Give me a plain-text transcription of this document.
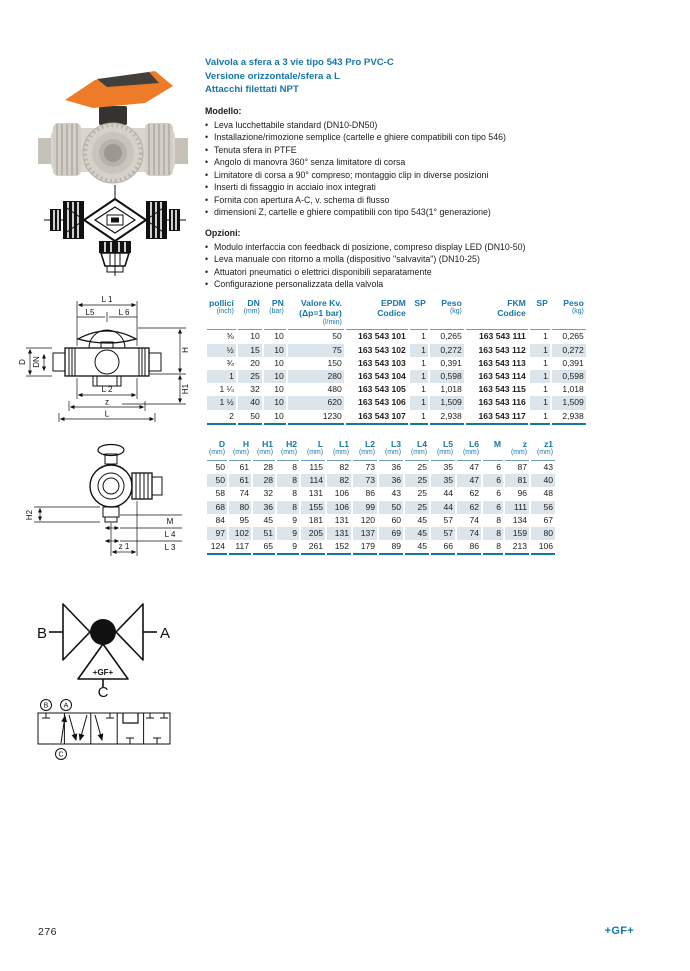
L 1
L5	L 6
H
H1
D DN
L 2
z
L
H2
M
L 4
L 3
z 1
B	A
C
+GF+
B A
C
Valvola a sfera a 3 vie tipo 543 Pro PVC-C
Versione orizzontale/sfera a L
Attacchi filettati NPT
Modello:
• Leva lucchettabile standard (DN10-DN50)
• Installazione/rimozione semplice (cartelle e ghiere compatibili con tipo 546)
• Tenuta sfera in PTFE
• Angolo di manovra 360° senza limitatore di corsa
• Limitatore di corsa a 90° compreso; montaggio clip in diverse posizioni
• Inserti di fissaggio in acciaio inox integrati
• Fornita con apertura A-C, v. schema di flusso
• dimensioni Z, cartelle e ghiere compatibili con tipo 543(1° generazione)
Opzioni:
• Modulo interfaccia con feedback di posizione, compreso display LED (DN10-50)
• Leva manuale con ritorno a molla (dispositivo "salvavita") (DN10-25)
• Attuatori pneumatici o elettrici disponibili separatamente
• Configurazione personalizzata della valvola
pollici
(inch)

DN
(mm)

PN
(bar)

Valore Kv.
(Δp=1 bar)
(l/min)

EPDM
Codice

SP	Peso
(kg)

FKM
Codice

SP	Peso
(kg)

⅜	10	10	50	163 543 101	1	0,265	163 543 111	1	0,265
½	15	10	75	163 543 102	1	0,272	163 543 112	1	0,272
¾	20	10	150	163 543 103	1	0,391	163 543 113	1	0,391
1	25	10	280	163 543 104	1	0,598	163 543 114	1	0,598
1 ¼	32	10	480	163 543 105	1	1,018	163 543 115	1	1,018
1 ½	40	10	620	163 543 106	1	1,509	163 543 116	1	1,509
2	50	10	1230	163 543 107	1	2,938	163 543 117	1	2,938
D
(mm)

H
(mm)

H1
(mm)

H2
(mm)

L
(mm)

L1
(mm)

L2
(mm)

L3
(mm)

L4
(mm)

L5
(mm)

L6
(mm)

M	z
(mm)

z1
(mm)

50	61	28	8	115	82	73	36	25	35	47	6	87	43
50	61	28	8	114	82	73	36	25	35	47	6	81	40
58	74	32	8	131	106	86	43	25	44	62	6	96	48
68	80	36	8	155	106	99	50	25	44	62	6	111	56
84	95	45	9	181	131	120	60	45	57	74	8	134	67
97	102	51	9	205	131	137	69	45	57	74	8	159	80
124	117	65	9	261	152	179	89	45	66	86	8	213	106
276	+GF+
